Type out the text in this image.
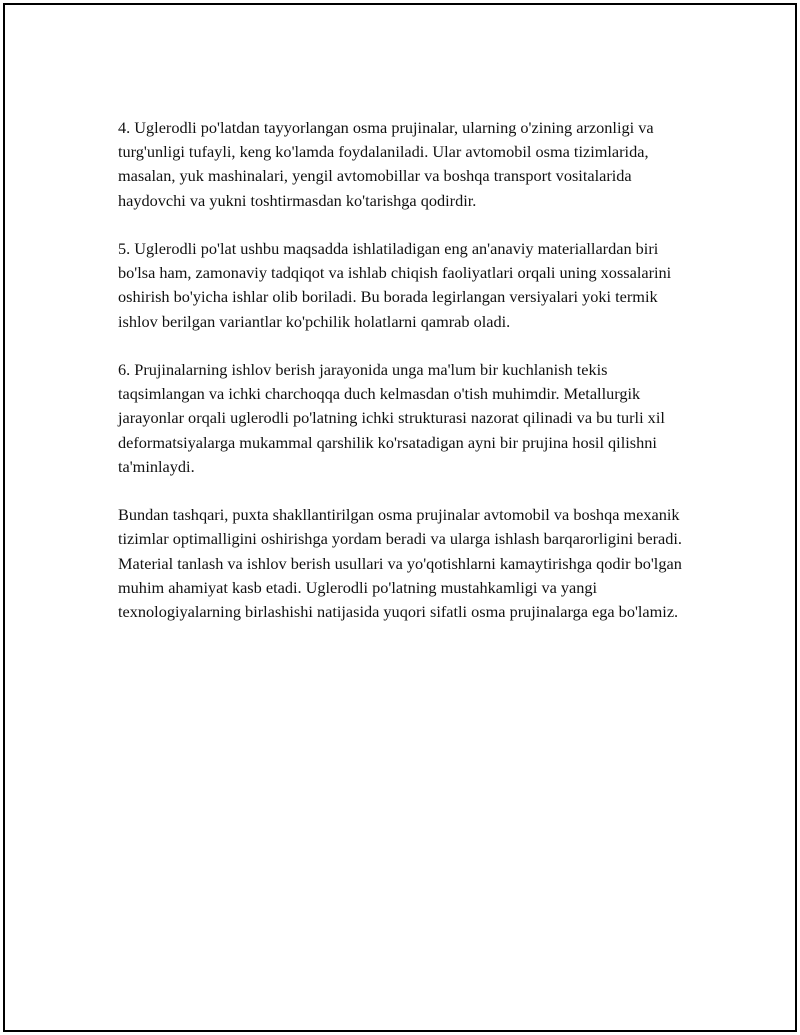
4. Uglerodli po'latdan tayyorlangan osma prujinalar, ularning o'zining arzonligi va turg'unligi tufayli, keng ko'lamda foydalaniladi. Ular avtomobil osma tizimlarida, masalan, yuk mashinalari, yengil avtomobillar va boshqa transport vositalarida haydovchi va yukni toshtirmasdan ko'tarishga qodirdir.

5. Uglerodli po'lat ushbu maqsadda ishlatiladigan eng an'anaviy materiallardan biri bo'lsa ham, zamonaviy tadqiqot va ishlab chiqish faoliyatlari orqali uning xossalarini oshirish bo'yicha ishlar olib boriladi. Bu borada legirlangan versiyalari yoki termik ishlov berilgan variantlar ko'pchilik holatlarni qamrab oladi.

6. Prujinalarning ishlov berish jarayonida unga ma'lum bir kuchlanish tekis taqsimlangan va ichki charchoqqa duch kelmasdan o'tish muhimdir. Metallurgik jarayonlar orqali uglerodli po'latning ichki strukturasi nazorat qilinadi va bu turli xil deformatsiyalarga mukammal qarshilik ko'rsatadigan ayni bir prujina hosil qilishni ta'minlaydi.

Bundan tashqari, puxta shakllantirilgan osma prujinalar avtomobil va boshqa mexanik tizimlar optimalligini oshirishga yordam beradi va ularga ishlash barqarorligini beradi. Material tanlash va ishlov berish usullari va yo'qotishlarni kamaytirishga qodir bo'lgan muhim ahamiyat kasb etadi. Uglerodli po'latning mustahkamligi va yangi texnologiyalarning birlashishi natijasida yuqori sifatli osma prujinalarga ega bo'lamiz.
